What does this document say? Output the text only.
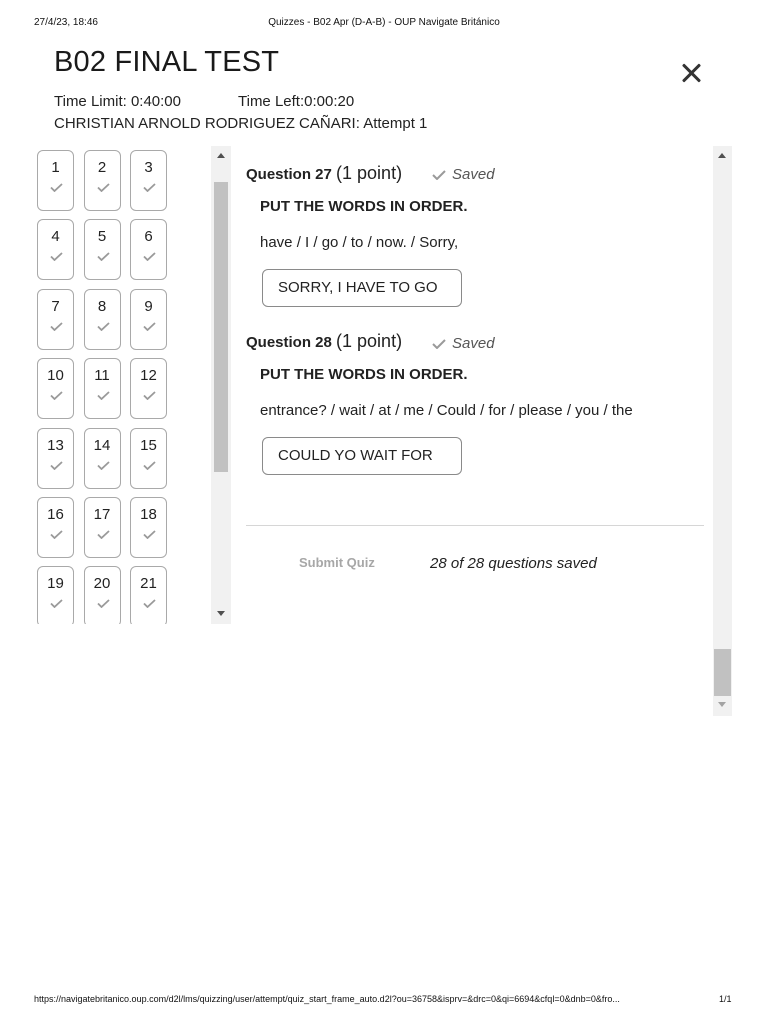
27/4/23, 18:46	Quizzes - B02 Apr (D-A-B) - OUP Navigate Británico
B02 FINAL TEST
Time Limit: 0:40:00	Time Left:0:00:20
CHRISTIAN ARNOLD RODRIGUEZ CAÑARI: Attempt 1
1	2	3
4	5	6
7	8	9
10	11	12
13	14	15
16	17	18
19	20	21
Question 27 (1 point)	Saved
PUT THE WORDS IN ORDER.
have / I / go / to / now. / Sorry,
SORRY, I HAVE TO GO
Question 28 (1 point)	Saved
PUT THE WORDS IN ORDER.
entrance? / wait / at / me / Could / for / please / you / the
COULD YO WAIT FOR
Submit Quiz	28 of 28 questions saved
https://navigatebritanico.oup.com/d2l/lms/quizzing/user/attempt/quiz_start_frame_auto.d2l?ou=36758&isprv=&drc=0&qi=6694&cfql=0&dnb=0&fro...	1/1
